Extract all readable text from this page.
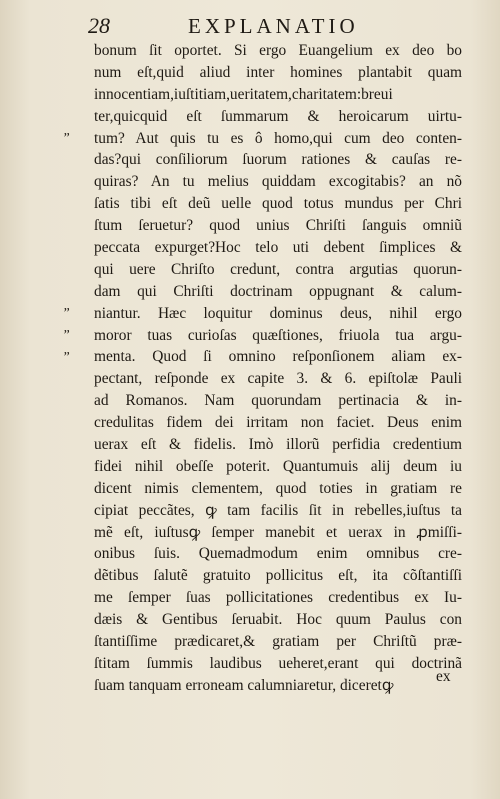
28	EXPLANATIO
”
”
”
”
bonum ſit oportet. Si ergo Euangelium ex deo bo
num eſt,quid aliud inter homines plantabit quam
innocentiam,iuſtitiam,ueritatem,charitatem:breui
ter,quicquid eſt ſummarum & heroicarum uirtu-
tum? Aut quis tu es ô homo,qui cum deo conten-
das?qui conſiliorum ſuorum rationes & cauſas re-
quiras? An tu melius quiddam excogitabis? an nõ
ſatis tibi eſt deũ uelle quod totus mundus per Chri
ſtum ſeruetur? quod unius Chriſti ſanguis omniũ
peccata expurget?Hoc telo uti debent ſimplices &
qui uere Chriſto credunt, contra argutias quorun-
dam qui Chriſti doctrinam oppugnant & calum-
niantur. Hæc loquitur dominus deus, nihil ergo
moror tuas curioſas quæſtiones, friuola tua argu-
menta. Quod ſi omnino reſponſionem aliam ex-
pectant, reſponde ex capite 3. & 6. epiſtolæ Pauli
ad Romanos. Nam quorundam pertinacia & in-
credulitas fidem dei irritam non faciet. Deus enim
uerax eſt & fidelis. Imò illorũ perfidia credentium
fidei nihil obeſſe poterit. Quantumuis alij deum iu
dicent nimis clementem, quod toties in gratiam re
cipiat peccãtes, ꝙ tam facilis ſit in rebelles,iuſtus ta
mẽ eſt, iuſtusꝙ ſemper manebit et uerax in ꝓmiſſi-
onibus ſuis. Quemadmodum enim omnibus cre-
dẽtibus ſalutẽ gratuito pollicitus eſt, ita cõſtantiſſi
me ſemper ſuas pollicitationes credentibus ex Iu-
dæis & Gentibus ſeruabit. Hoc quum Paulus con
ſtantiſſime prædicaret,& gratiam per Chriſtũ præ-
ſtitam ſummis laudibus ueheret,erant qui doctrinã
ſuam tanquam erroneam calumniaretur, diceretꝙ
ex
